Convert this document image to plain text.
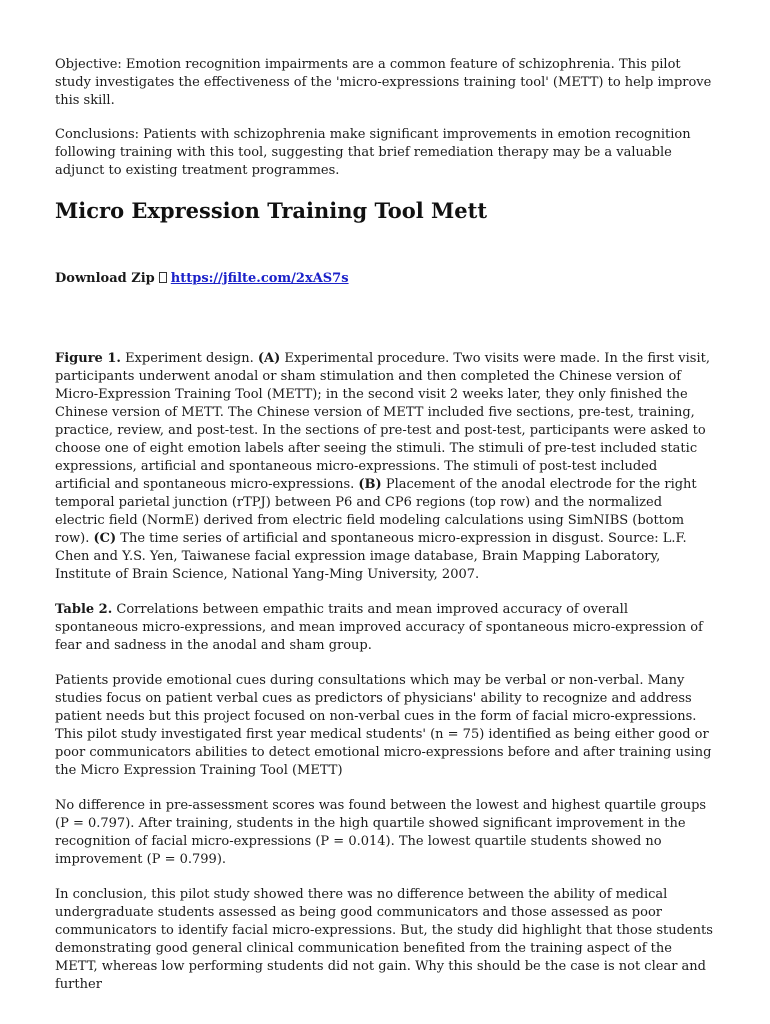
Objective: Emotion recognition impairments are a common feature of schizophrenia. This pilot study investigates the effectiveness of the 'micro-expressions training tool' (METT) to help improve this skill.

Conclusions: Patients with schizophrenia make significant improvements in emotion recognition following training with this tool, suggesting that brief remediation therapy may be a valuable adjunct to existing treatment programmes.

Micro Expression Training Tool Mett

Download Zip https://jfilte.com/2xAS7s

Figure 1. Experiment design. (A) Experimental procedure. Two visits were made. In the first visit, participants underwent anodal or sham stimulation and then completed the Chinese version of Micro-Expression Training Tool (METT); in the second visit 2 weeks later, they only finished the Chinese version of METT. The Chinese version of METT included five sections, pre-test, training, practice, review, and post-test. In the sections of pre-test and post-test, participants were asked to choose one of eight emotion labels after seeing the stimuli. The stimuli of pre-test included static expressions, artificial and spontaneous micro-expressions. The stimuli of post-test included artificial and spontaneous micro-expressions. (B) Placement of the anodal electrode for the right temporal parietal junction (rTPJ) between P6 and CP6 regions (top row) and the normalized electric field (NormE) derived from electric field modeling calculations using SimNIBS (bottom row). (C) The time series of artificial and spontaneous micro-expression in disgust. Source: L.F. Chen and Y.S. Yen, Taiwanese facial expression image database, Brain Mapping Laboratory, Institute of Brain Science, National Yang-Ming University, 2007.

Table 2. Correlations between empathic traits and mean improved accuracy of overall spontaneous micro-expressions, and mean improved accuracy of spontaneous micro-expression of fear and sadness in the anodal and sham group.

Patients provide emotional cues during consultations which may be verbal or non-verbal. Many studies focus on patient verbal cues as predictors of physicians' ability to recognize and address patient needs but this project focused on non-verbal cues in the form of facial micro-expressions. This pilot study investigated first year medical students' (n = 75) identified as being either good or poor communicators abilities to detect emotional micro-expressions before and after training using the Micro Expression Training Tool (METT)

No difference in pre-assessment scores was found between the lowest and highest quartile groups (P = 0.797). After training, students in the high quartile showed significant improvement in the recognition of facial micro-expressions (P = 0.014). The lowest quartile students showed no improvement (P = 0.799).

In conclusion, this pilot study showed there was no difference between the ability of medical undergraduate students assessed as being good communicators and those assessed as poor communicators to identify facial micro-expressions. But, the study did highlight that those students demonstrating good general clinical communication benefited from the training aspect of the METT, whereas low performing students did not gain. Why this should be the case is not clear and further
